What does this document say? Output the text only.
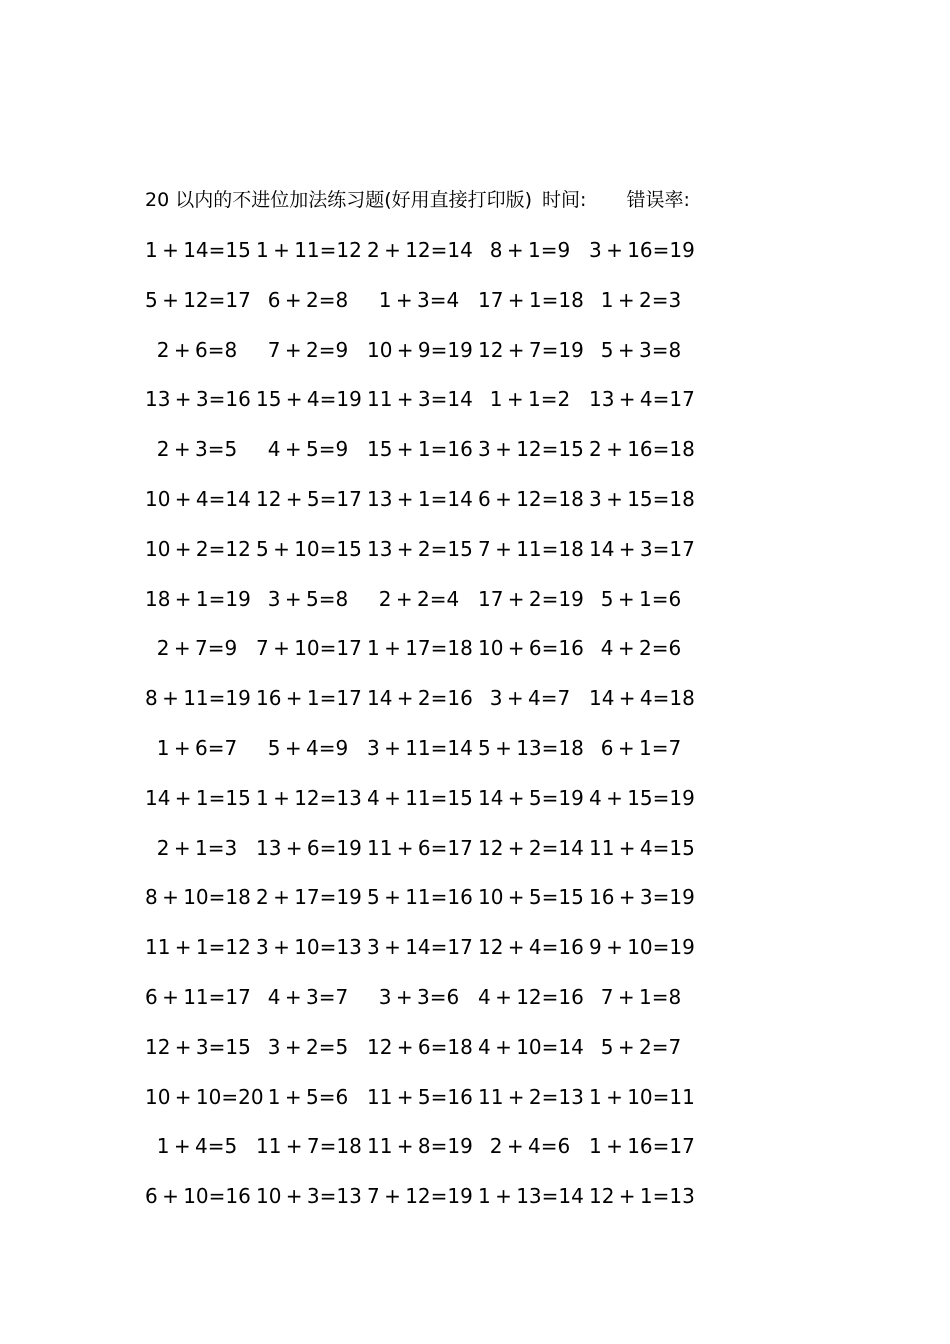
20 以内的不进位加法练习题(好用直接打印版) 时间: 错误率:
1 + 14=15 1 + 11=12 2 + 12=14 8 + 1=9 3 + 16=19
5 + 12=17 6 + 2=8	1 + 3=4 17 + 1=18 1 + 2=3
2 + 6=8	7 + 2=9 10 + 9=19 12 + 7=19 5 + 3=8
13 + 3=16 15 + 4=19 11 + 3=14 1 + 1=2 13 + 4=17
2 + 3=5	4 + 5=9 15 + 1=16 3 + 12=15 2 + 16=18
10 + 4=14 12 + 5=17 13 + 1=14 6 + 12=18 3 + 15=18
10 + 2=12 5 + 10=15 13 + 2=15 7 + 11=18 14 + 3=17
18 + 1=19 3 + 5=8	2 + 2=4 17 + 2=19 5 + 1=6
2 + 7=9 7 + 10=17 1 + 17=18 10 + 6=16 4 + 2=6
8 + 11=19 16 + 1=17 14 + 2=16 3 + 4=7 14 + 4=18
1 + 6=7	5 + 4=9 3 + 11=14 5 + 13=18 6 + 1=7
14 + 1=15 1 + 12=13 4 + 11=15 14 + 5=19 4 + 15=19
2 + 1=3 13 + 6=19 11 + 6=17 12 + 2=14 11 + 4=15
8 + 10=18 2 + 17=19 5 + 11=16 10 + 5=15 16 + 3=19
11 + 1=12 3 + 10=13 3 + 14=17 12 + 4=16 9 + 10=19
6 + 11=17 4 + 3=7	3 + 3=6 4 + 12=16 7 + 1=8
12 + 3=15 3 + 2=5 12 + 6=18 4 + 10=14 5 + 2=7
10 + 10=20 1 + 5=6 11 + 5=16 11 + 2=13 1 + 10=11
1 + 4=5 11 + 7=18 11 + 8=19 2 + 4=6 1 + 16=17
6 + 10=16 10 + 3=13 7 + 12=19 1 + 13=14 12 + 1=13
